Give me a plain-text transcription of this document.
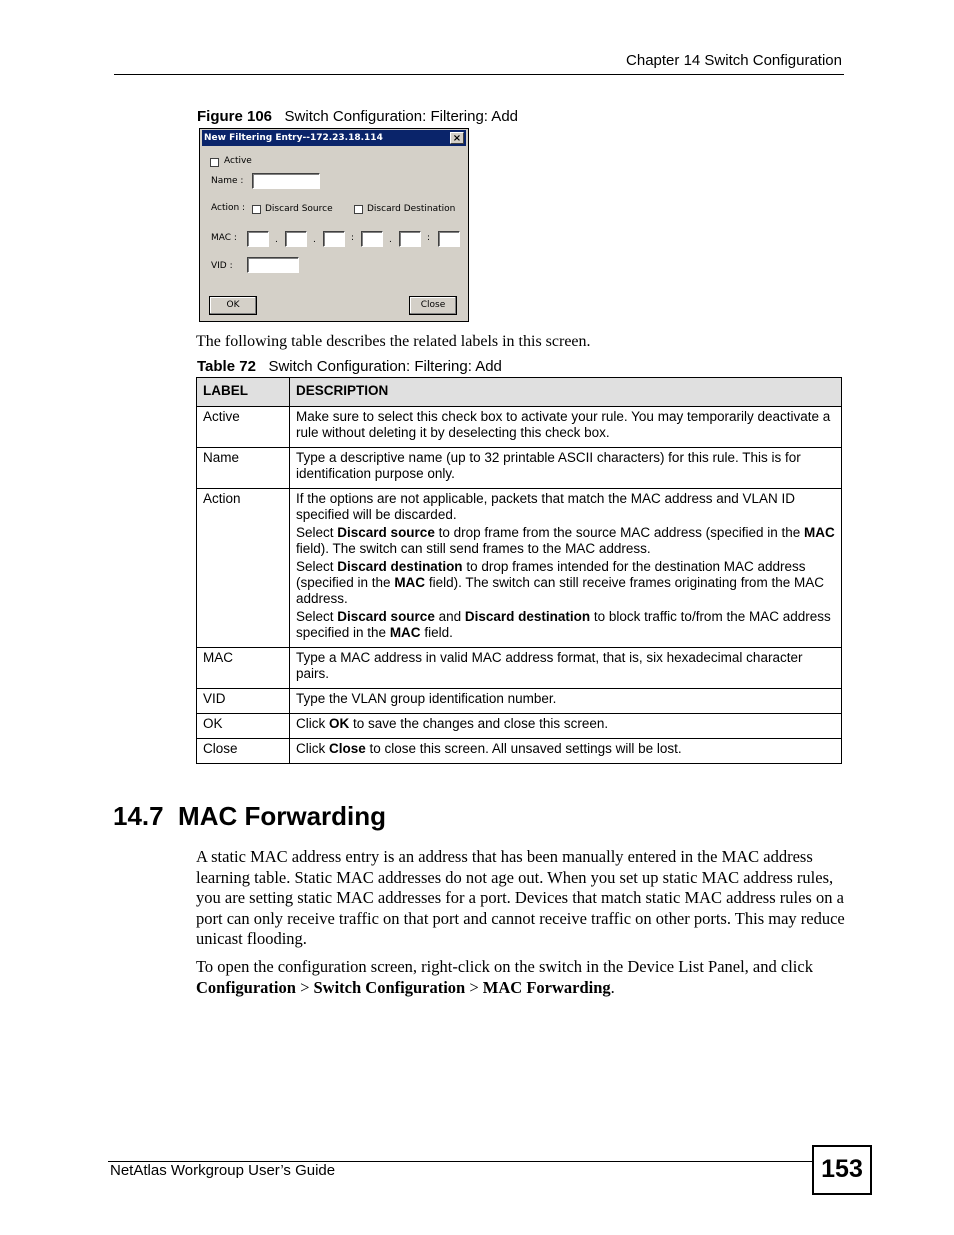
Chapter 14 Switch Configuration
Figure 106 Switch Configuration: Filtering: Add
New Filtering Entry--172.23.18.114	×
Active
Name :
Action : Discard Source	Discard Destination
MAC :	.	.	:	.	:
VID :
OK	Close
The following table describes the related labels in this screen.
Table 72 Switch Configuration: Filtering: Add
LABEL	DESCRIPTION
Active	Make sure to select this check box to activate your rule. You may temporarily deactivate a rule without deleting it by deselecting this check box.
Name	Type a descriptive name (up to 32 printable ASCII characters) for this rule. This is for identification purpose only.
Action	If the options are not applicable, packets that match the MAC address and VLAN ID specified will be discarded.

Select Discard source to drop frame from the source MAC address (specified in the MAC field). The switch can still send frames to the MAC address.

Select Discard destination to drop frames intended for the destination MAC address (specified in the MAC field). The switch can still receive frames originating from the MAC address.

Select Discard source and Discard destination to block traffic to/from the MAC address specified in the MAC field.

MAC	Type a MAC address in valid MAC address format, that is, six hexadecimal character pairs.
VID	Type the VLAN group identification number.
OK	Click OK to save the changes and close this screen.
Close	Click Close to close this screen. All unsaved settings will be lost.
14.7  MAC Forwarding
A static MAC address entry is an address that has been manually entered in the MAC address learning table. Static MAC addresses do not age out. When you set up static MAC address rules, you are setting static MAC addresses for a port. Devices that match static MAC address rules on a port can only receive traffic on that port and cannot receive traffic on other ports. This may reduce unicast flooding.
To open the configuration screen, right-click on the switch in the Device List Panel, and click Configuration > Switch Configuration > MAC Forwarding.
NetAtlas Workgroup User’s Guide	153
